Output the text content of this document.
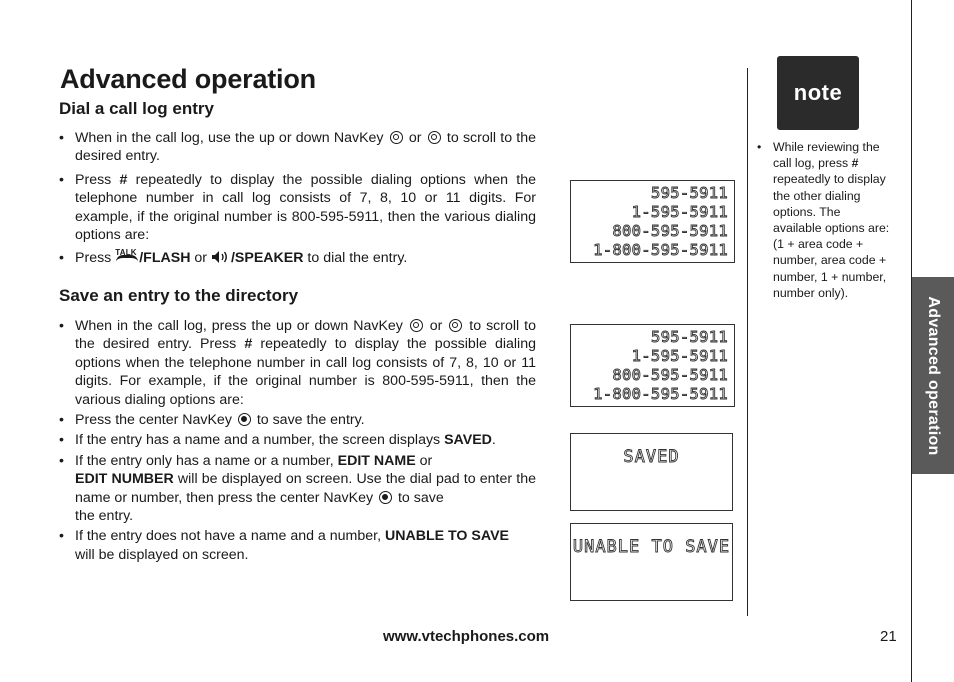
Advanced operation
Dial a call log entry
• When in the call log, use the up or down NavKey  or  to scroll to the desired entry.
• Press # repeatedly to display the possible dialing options when the telephone number in call log consists of 7, 8, 10 or 11 digits. For example, if the original number is 800-595-5911, then the various dialing options are:
• Press TALK /FLASH or /SPEAKER to dial the entry.
Save an entry to the directory
• When in the call log, press the up or down NavKey  or  to scroll to the desired entry. Press # repeatedly to display the possible dialing options when the telephone number in call log consists of 7, 8, 10 or 11 digits. For example, if the original number is 800-595-5911, then the various dialing options are:
• Press the center NavKey  to save the entry.
• If the entry has a name and a number, the screen displays SAVED.
• If the entry only has a name or a number, EDIT NAME or
EDIT NUMBER will be displayed on screen. Use the dial pad to enter the name or number, then press the center NavKey  to save
the entry.
• If the entry does not have a name and a number, UNABLE TO SAVE
will be displayed on screen.
595-5911
1-595-5911
800-595-5911
1-800-595-5911
595-5911
1-595-5911
800-595-5911
1-800-595-5911
SAVED
UNABLE TO SAVE
note
• While reviewing the call log, press # repeatedly to display the other dialing options. The available options are: (1 + area code + number, area code + number, 1 + number, number only).
Advanced operation
www.vtechphones.com	21
